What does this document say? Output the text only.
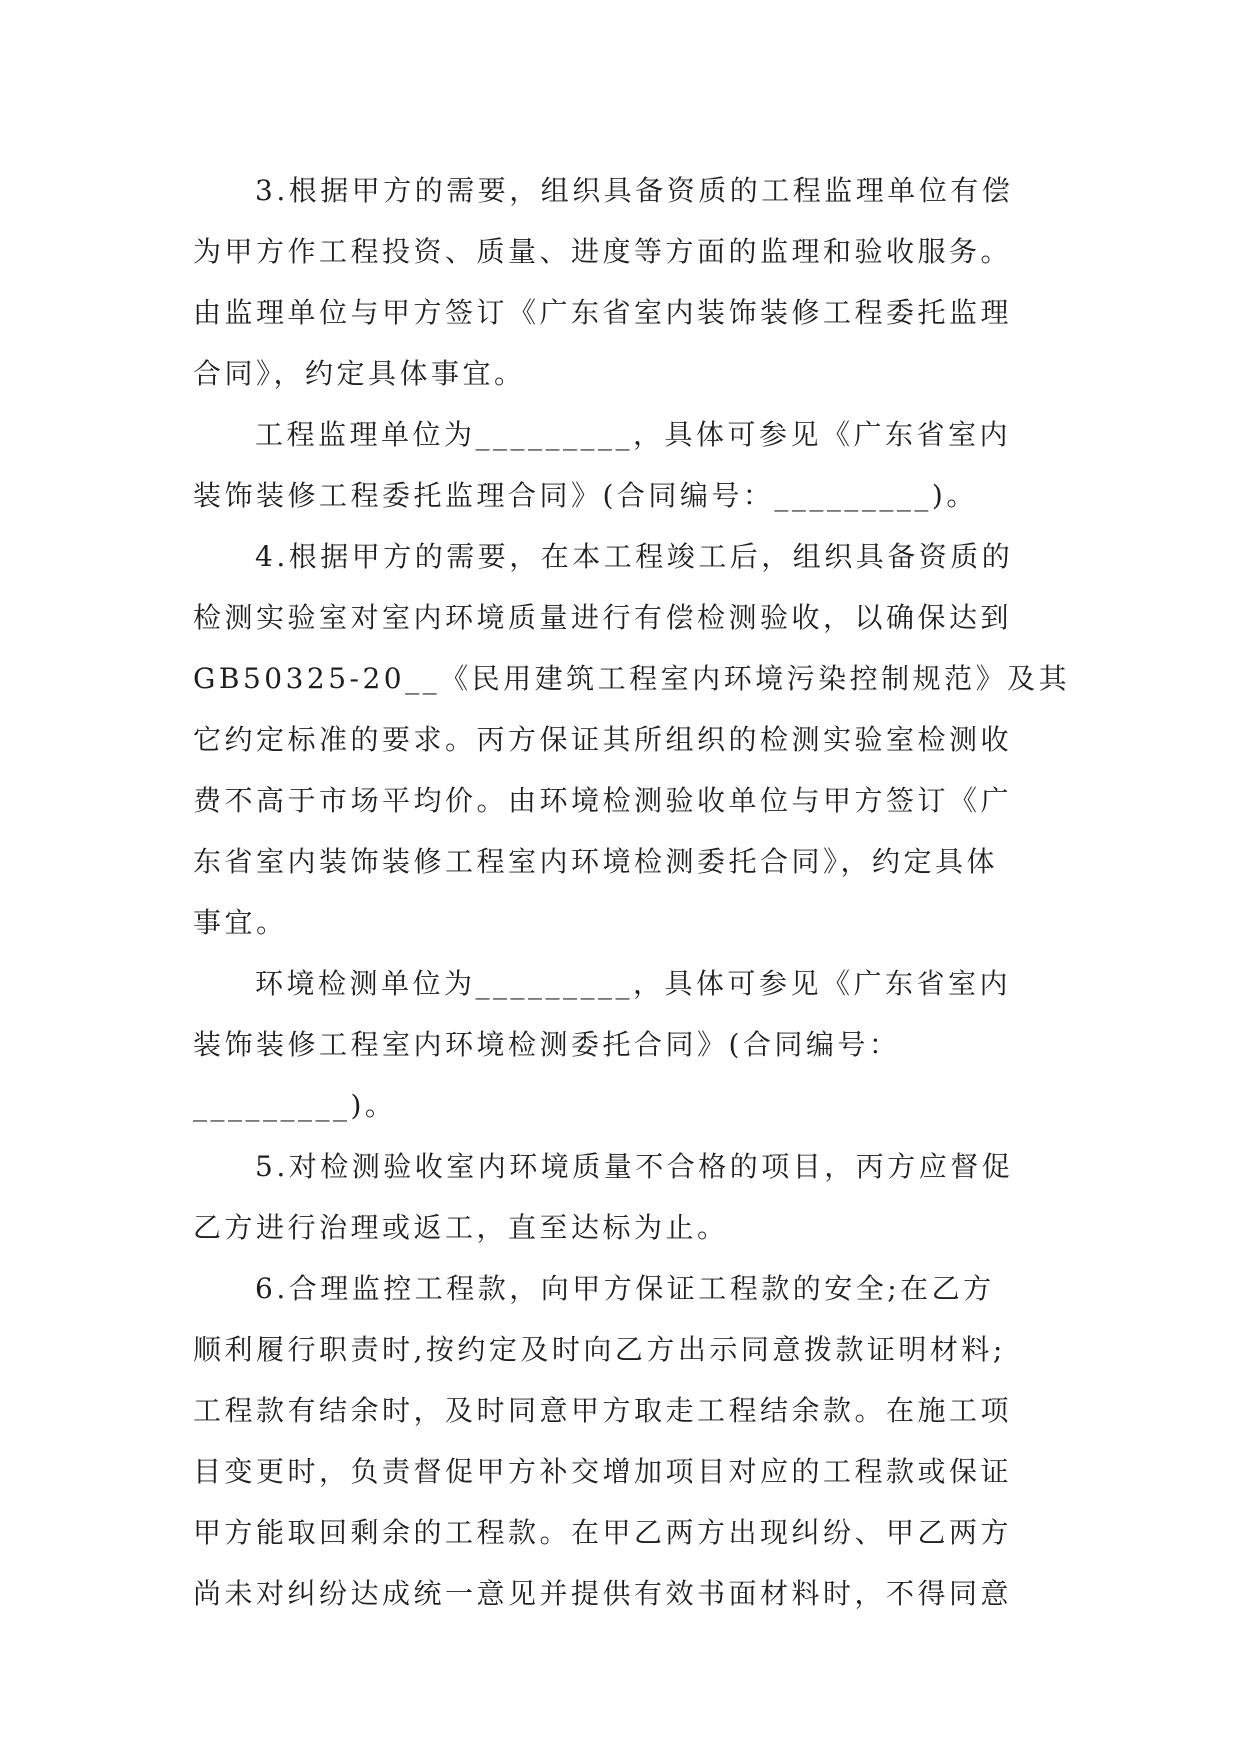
3.根据甲方的需要，组织具备资质的工程监理单位有偿
为甲方作工程投资、质量、进度等方面的监理和验收服务。
由监理单位与甲方签订《广东省室内装饰装修工程委托监理
合同》，约定具体事宜。
工程监理单位为_________，具体可参见《广东省室内
装饰装修工程委托监理合同》(合同编号：_________)。
4.根据甲方的需要，在本工程竣工后，组织具备资质的
检测实验室对室内环境质量进行有偿检测验收，以确保达到
GB50325-20__《民用建筑工程室内环境污染控制规范》及其
它约定标准的要求。丙方保证其所组织的检测实验室检测收
费不高于市场平均价。由环境检测验收单位与甲方签订《广
东省室内装饰装修工程室内环境检测委托合同》，约定具体
事宜。
环境检测单位为_________，具体可参见《广东省室内
装饰装修工程室内环境检测委托合同》(合同编号：
_________)。
5.对检测验收室内环境质量不合格的项目，丙方应督促
乙方进行治理或返工，直至达标为止。
6.合理监控工程款，向甲方保证工程款的安全;在乙方
顺利履行职责时,按约定及时向乙方出示同意拨款证明材料;
工程款有结余时，及时同意甲方取走工程结余款。在施工项
目变更时，负责督促甲方补交增加项目对应的工程款或保证
甲方能取回剩余的工程款。在甲乙两方出现纠纷、甲乙两方
尚未对纠纷达成统一意见并提供有效书面材料时，不得同意
